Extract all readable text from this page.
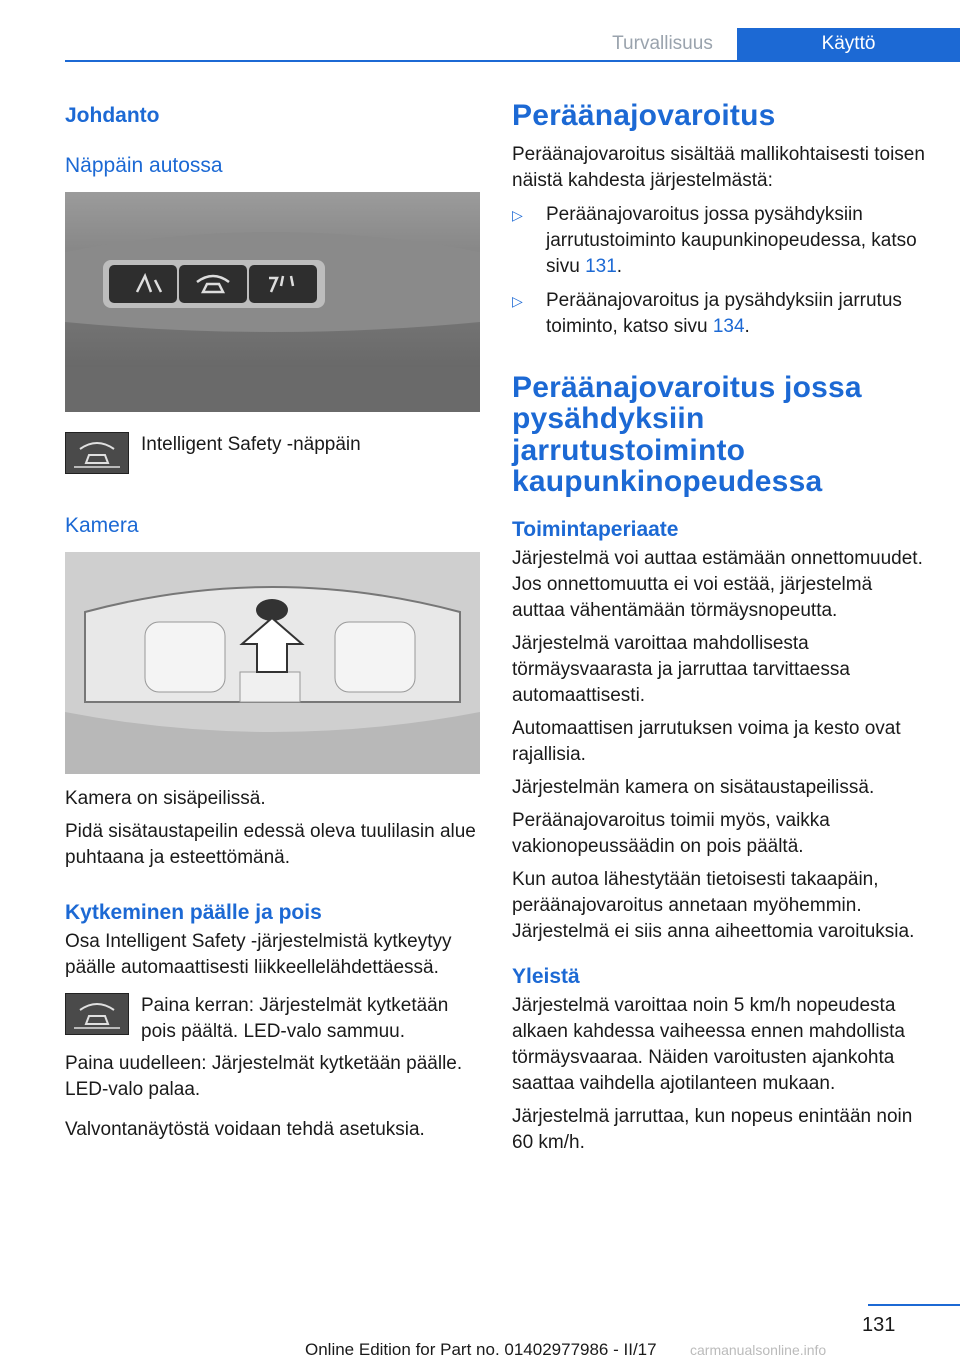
Turvallisuus	Käyttö
Johdanto
Näppäin autossa

Intelligent Safety -näppäin

Kamera

Kamera on sisäpeilissä.

Pidä sisätaustapeilin edessä oleva tuulilasin alue puhtaana ja esteettömänä.

Kytkeminen päälle ja pois

Osa Intelligent Safety -järjestelmistä kytkeytyy päälle automaattisesti liikkeellelähdettäessä.

Paina kerran: Järjestelmät kytketään pois päältä. LED-valo sammuu.

Paina uudelleen: Järjestelmät kytketään päälle. LED-valo palaa.

Valvontanäytöstä voidaan tehdä asetuksia.

Peräänajovaroitus

Peräänajovaroitus sisältää mallikohtaisesti toisen näistä kahdesta järjestelmästä:

▷ Peräänajovaroitus jossa pysähdyksiin jarrutustoiminto kaupunkinopeudessa, katso sivu 131.
▷ Peräänajovaroitus ja pysähdyksiin jarrutus toiminto, katso sivu 134.
Peräänajovaroitus jossa pysähdyksiin jarrutustoiminto kaupunkinopeudessa
Toimintaperiaate

Järjestelmä voi auttaa estämään onnettomuudet. Jos onnettomuutta ei voi estää, järjestelmä auttaa vähentämään törmäysnopeutta.

Järjestelmä varoittaa mahdollisesta törmäysvaarasta ja jarruttaa tarvittaessa automaattisesti.

Automaattisen jarrutuksen voima ja kesto ovat rajallisia.

Järjestelmän kamera on sisätaustapeilissä.

Peräänajovaroitus toimii myös, vaikka vakionopeussäädin on pois päältä.

Kun autoa lähestytään tietoisesti takaapäin, peräänajovaroitus annetaan myöhemmin. Järjestelmä ei siis anna aiheettomia varoituksia.

Yleistä

Järjestelmä varoittaa noin 5 km/h nopeudesta alkaen kahdessa vaiheessa ennen mahdollista törmäysvaaraa. Näiden varoitusten ajankohta saattaa vaihdella ajotilanteen mukaan.

Järjestelmä jarruttaa, kun nopeus enintään noin 60 km/h.

131
Online Edition for Part no. 01402977986 - II/17 carmanualsonline.info
